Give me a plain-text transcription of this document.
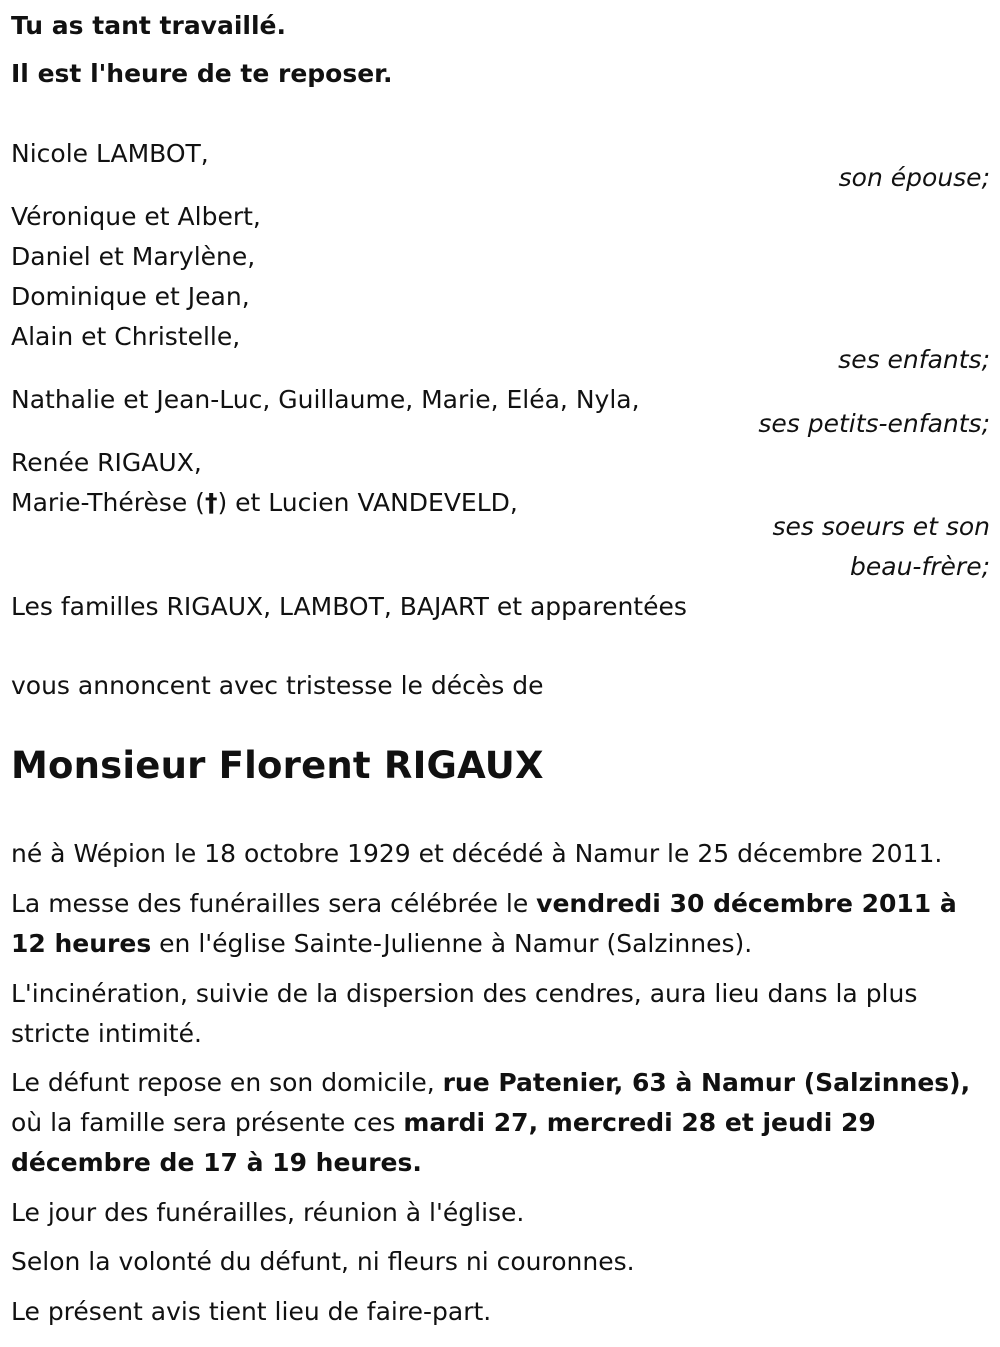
Tu as tant travaillé.
Il est l'heure de te reposer.
Nicole LAMBOT,
son épouse;
Véronique et Albert,
Daniel et Marylène,
Dominique et Jean,
Alain et Christelle,
ses enfants;
Nathalie et Jean-Luc, Guillaume, Marie, Eléa, Nyla,
ses petits-enfants;
Renée RIGAUX,
Marie-Thérèse (†) et Lucien VANDEVELD,
ses soeurs et son
beau-frère;
Les familles RIGAUX, LAMBOT, BAJART et apparentées
vous annoncent avec tristesse le décès de
Monsieur Florent RIGAUX
né à Wépion le 18 octobre 1929 et décédé à Namur le 25 décembre 2011.
La messe des funérailles sera célébrée le vendredi 30 décembre 2011 à 12 heures en l'église Sainte-Julienne à Namur (Salzinnes).
L'incinération, suivie de la dispersion des cendres, aura lieu dans la plus stricte intimité.
Le défunt repose en son domicile, rue Patenier, 63 à Namur (Salzinnes), où la famille sera présente ces mardi 27, mercredi 28 et jeudi 29 décembre de 17 à 19 heures.
Le jour des funérailles, réunion à l'église.
Selon la volonté du défunt, ni fleurs ni couronnes.
Le présent avis tient lieu de faire-part.
